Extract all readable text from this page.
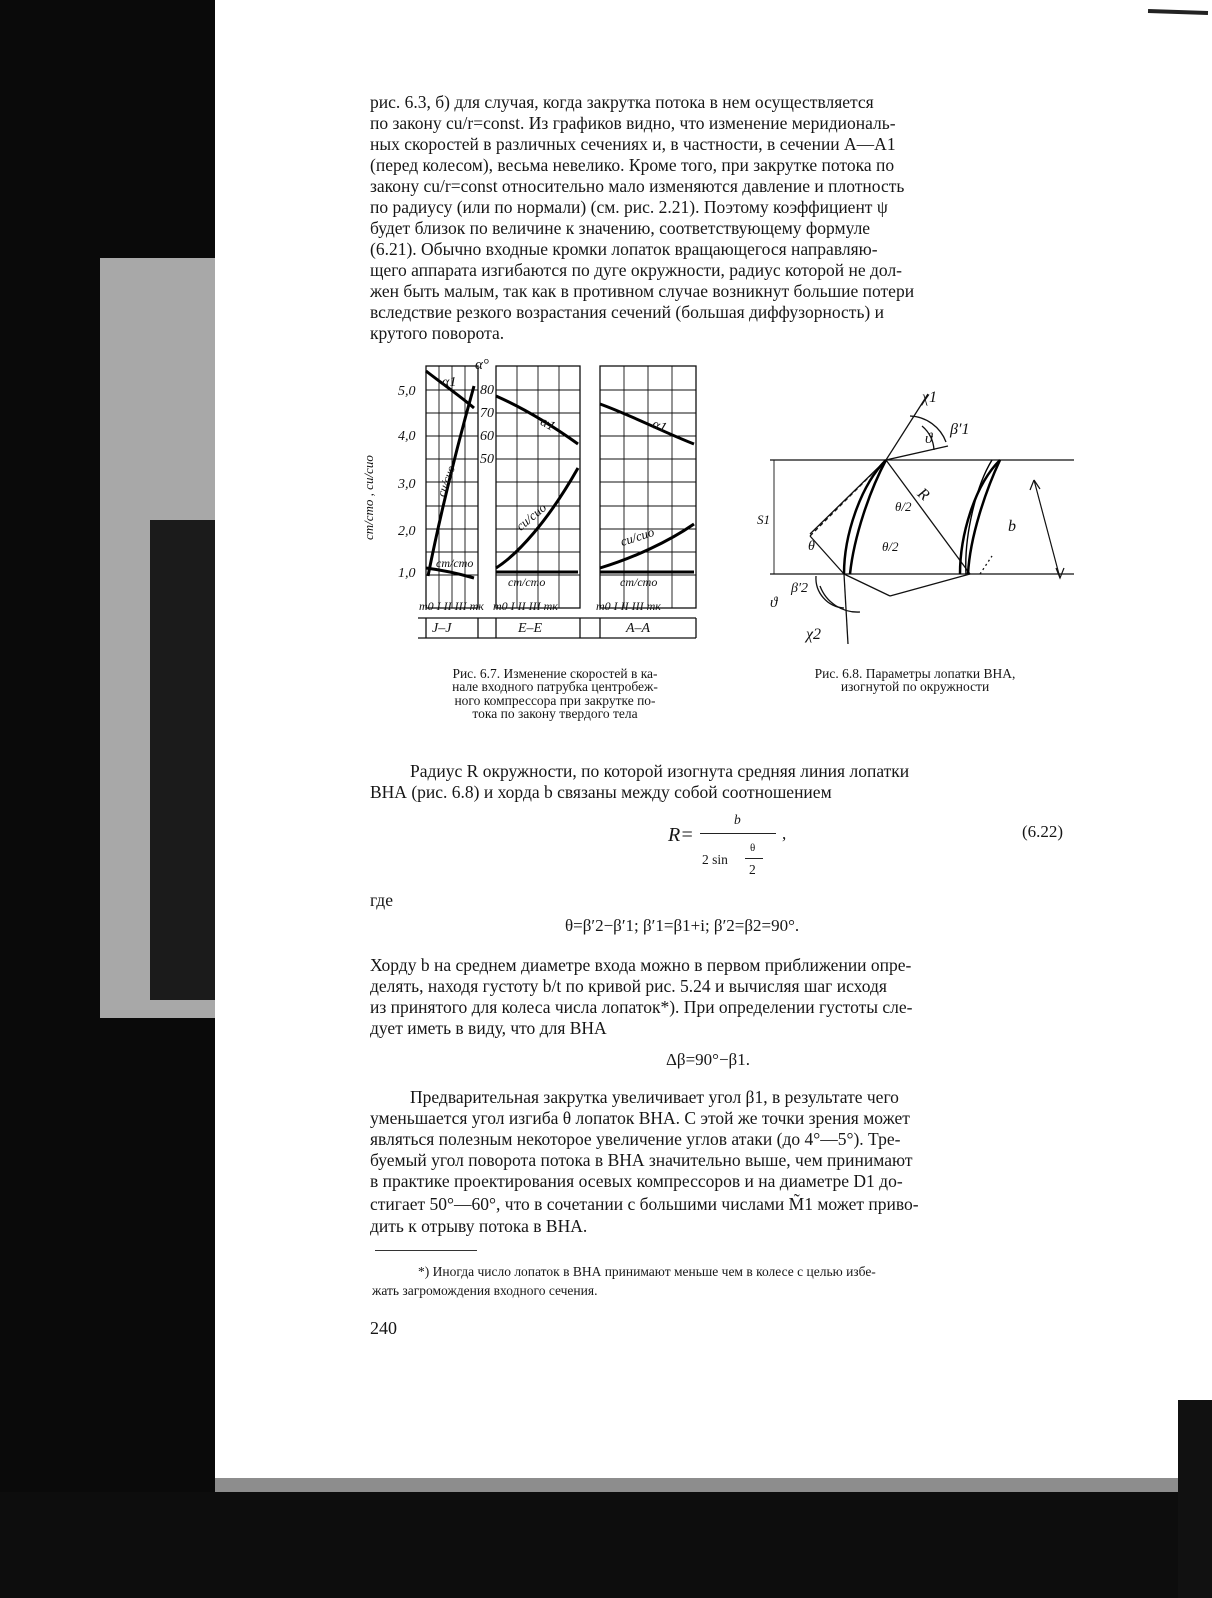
рис. 6.3, б) для случая, когда закрутка потока в нем осуществляется
по закону cu/r=const. Из графиков видно, что изменение меридиональ-
ных скоростей в различных сечениях и, в частности, в сечении A—A1
(перед колесом), весьма невелико. Кроме того, при закрутке потока по
закону cu/r=const относительно мало изменяются давление и плотность
по радиусу (или по нормали) (см. рис. 2.21). Поэтому коэффициент ψ
будет близок по величине к значению, соответствующему формуле
(6.21). Обычно входные кромки лопаток вращающегося направляю-
щего аппарата изгибаются по дуге окружности, радиус которой не дол-
жен быть малым, так как в противном случае возникнут большие потери
вследствие резкого возрастания сечений (большая диффузорность) и
крутого поворота.
5,0
4,0
3,0
2,0
1,0
cm/cmo , cu/cuo
α°
80
70
60
50
α1
α1	α1
cu/cuo
cu/cuo
cu/cuo
cm/cmo
cm/cmo	cm/cmo
m0 I II III mк m0 I II III mк	m0 I II III mк
J–J	Е–Е	А–А
χ1
ϑ
β′1
R
θ/2
θ/2
b
S1
θ
β′2
ϑ
χ2
Рис. 6.7. Изменение скоростей в ка-
нале входного патрубка центробеж-
ного компрессора при закрутке по-
тока по закону твердого тела
Рис. 6.8. Параметры лопатки ВНА,
изогнутой по окружности
Радиус R окружности, по которой изогнута средняя линия лопатки
ВНА (рис. 6.8) и хорда b связаны между собой соотношением
R=
b
2 sin
θ
2
,	(6.22)
где
θ=β′2−β′1; β′1=β1+i; β′2=β2=90°.
Хорду b на среднем диаметре входа можно в первом приближении опре-
делять, находя густоту b/t по кривой рис. 5.24 и вычисляя шаг исходя
из принятого для колеса числа лопаток*). При определении густоты сле-
дует иметь в виду, что для ВНА
Δβ=90°−β1.
Предварительная закрутка увеличивает угол β1, в результате чего
уменьшается угол изгиба θ лопаток ВНА. С этой же точки зрения может
являться полезным некоторое увеличение углов атаки (до 4°—5°). Тре-
буемый угол поворота потока в ВНА значительно выше, чем принимают
в практике проектирования осевых компрессоров и на диаметре D1 до-
стигает 50°—60°, что в сочетании с большими числами M̃1 может приво-
дить к отрыву потока в ВНА.
*) Иногда число лопаток в ВНА принимают меньше чем в колесе с целью избе-
жать загромождения входного сечения.
240
